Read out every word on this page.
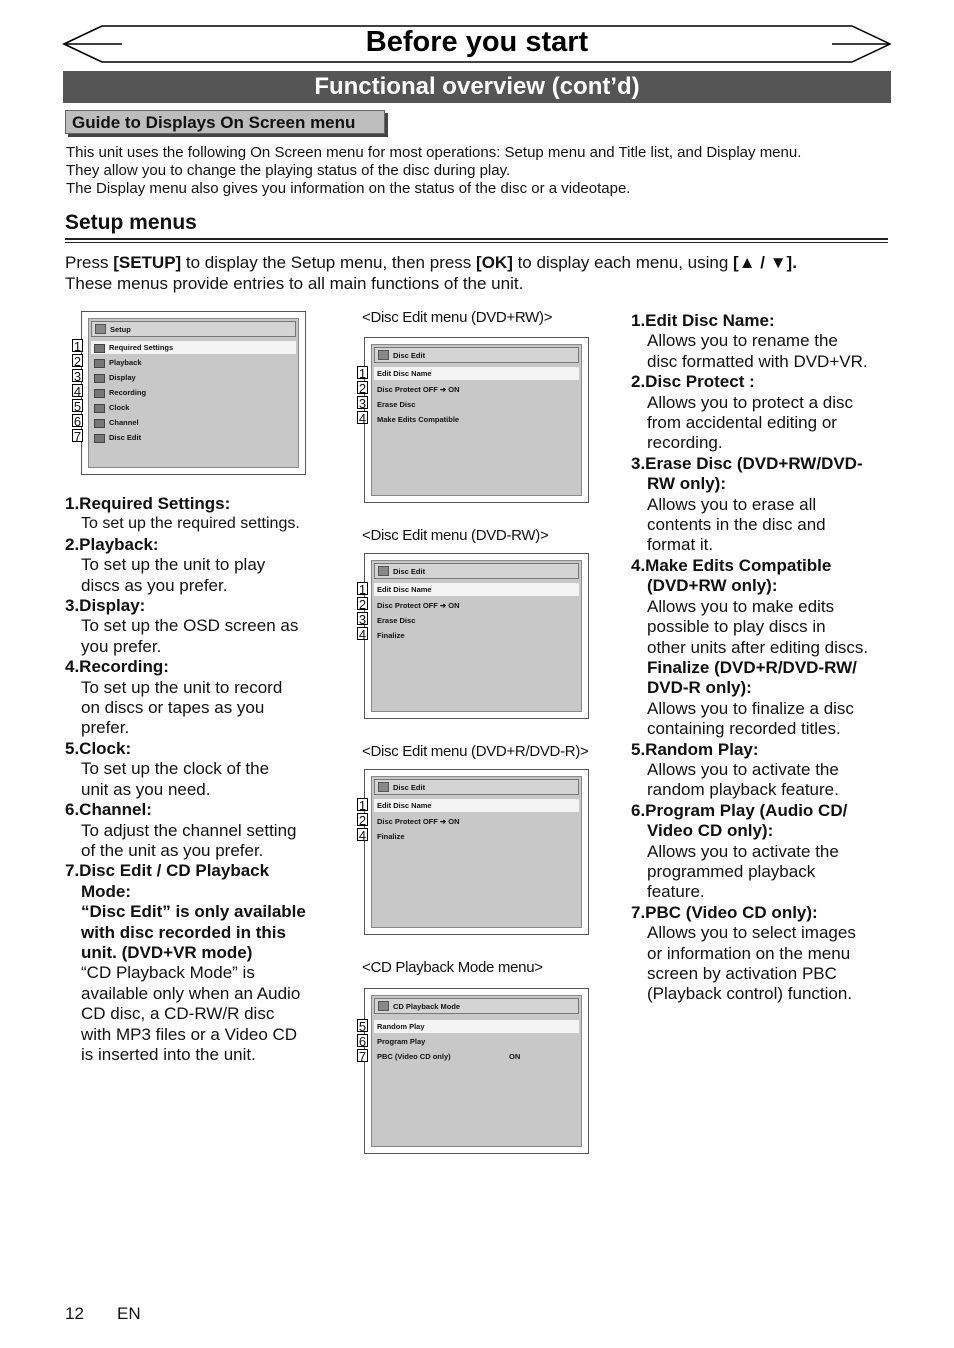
Before you start
Functional overview (cont’d)
Guide to Displays On Screen menu
This unit uses the following On Screen menu for most operations: Setup menu and Title list, and Display menu.
They allow you to change the playing status of the disc during play.
The Display menu also gives you information on the status of the disc or a videotape.
Setup menus
Press [SETUP] to display the Setup menu, then press [OK] to display each menu, using [▲ / ▼].
These menus provide entries to all main functions of the unit.
Setup
Required Settings
Playback
Display
Recording
Clock
Channel
Disc Edit
1
2
3
4
5
6
7
<Disc Edit menu (DVD+RW)>
Disc Edit
Edit Disc Name
Disc Protect OFF ➔ ON
Erase Disc
Make Edits Compatible
1
2
3
4
<Disc Edit menu (DVD-RW)>
Disc Edit
Edit Disc Name
Disc Protect OFF ➔ ON
Erase Disc
Finalize
1
2
3
4
<Disc Edit menu (DVD+R/DVD-R)>
Disc Edit
Edit Disc Name
Disc Protect OFF ➔ ON
Finalize
1
2
4
<CD Playback Mode menu>
CD Playback Mode
Random Play
Program Play
PBC (Video CD only)	ON
5
6
7
1.Required Settings:
To set up the required settings.
2.Playback:
To set up the unit to play
discs as you prefer.
3.Display:
To set up the OSD screen as
you prefer.
4.Recording:
To set up the unit to record
on discs or tapes as you
prefer.
5.Clock:
To set up the clock of the
unit as you need.
6.Channel:
To adjust the channel setting
of the unit as you prefer.
7.Disc Edit / CD Playback
Mode:
“Disc Edit” is only available
with disc recorded in this
unit. (DVD+VR mode)
“CD Playback Mode” is
available only when an Audio
CD disc, a CD-RW/R disc
with MP3 files or a Video CD
is inserted into the unit.
1.Edit Disc Name:
Allows you to rename the
disc formatted with DVD+VR.
2.Disc Protect :
Allows you to protect a disc
from accidental editing or
recording.
3.Erase Disc (DVD+RW/DVD-
RW only):
Allows you to erase all
contents in the disc and
format it.
4.Make Edits Compatible
(DVD+RW only):
Allows you to make edits
possible to play discs in
other units after editing discs.
Finalize (DVD+R/DVD-RW/
DVD-R only):
Allows you to finalize a disc
containing recorded titles.
5.Random Play:
Allows you to activate the
random playback feature.
6.Program Play (Audio CD/
Video CD only):
Allows you to activate the
programmed playback
feature.
7.PBC (Video CD only):
Allows you to select images
or information on the menu
screen by activation PBC
(Playback control) function.
12 EN
